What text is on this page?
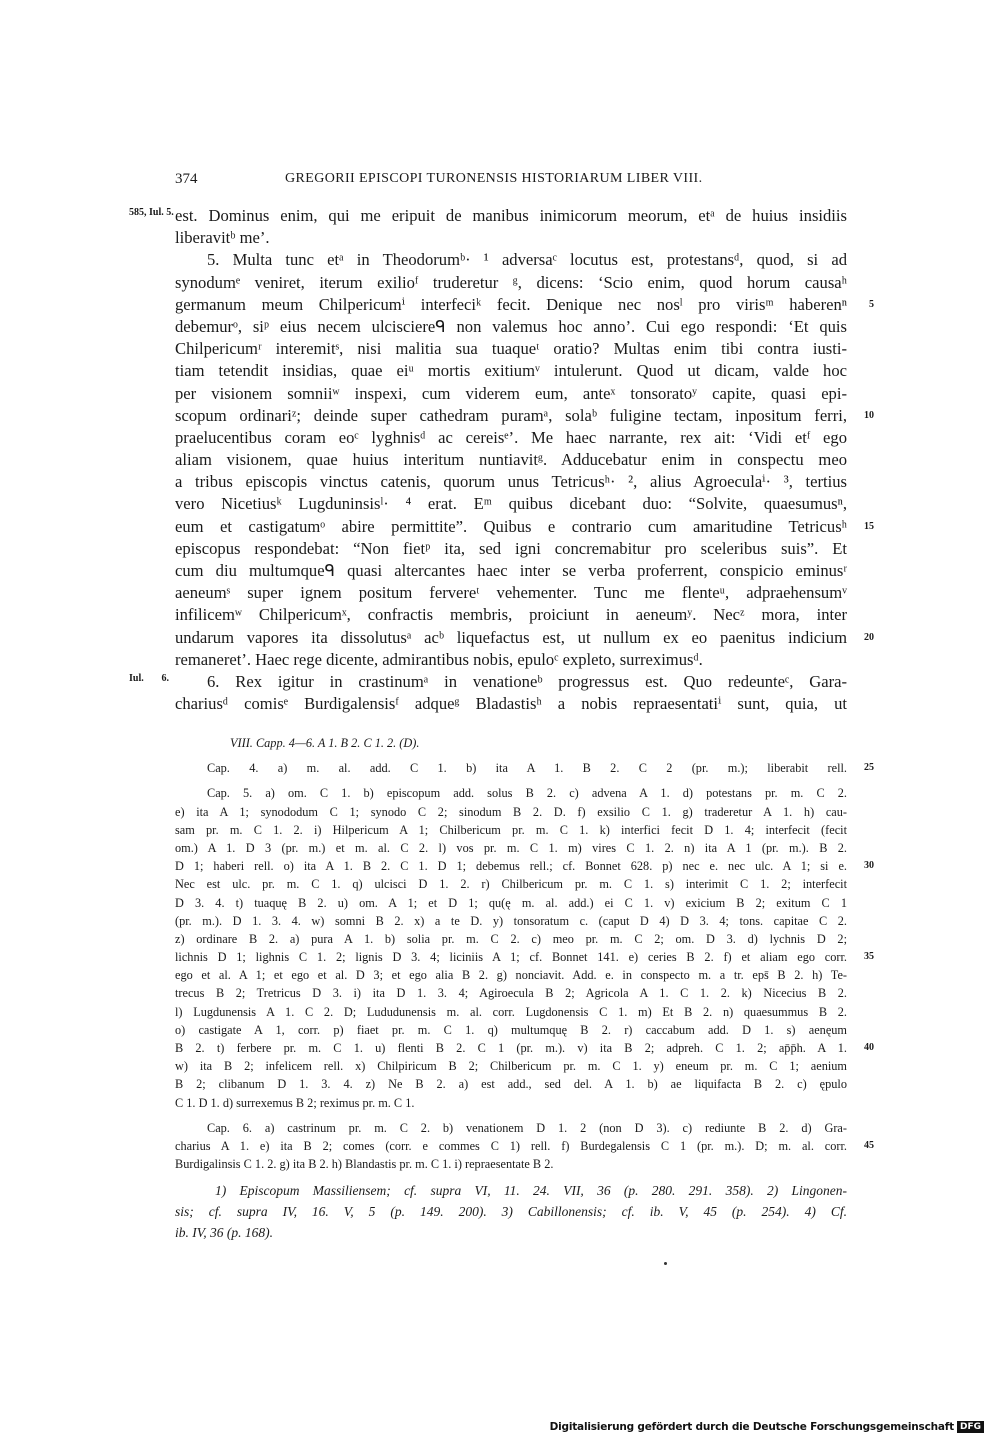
374	GREGORII EPISCOPI TURONENSIS HISTORIARUM LIBER VIII.
585, Iul. 5. est. Dominus enim, qui me eripuit de manibus inimicorum meorum, etᵃ de huius insidiis
liberavitᵇ me’.
5. Multa tunc etᵃ in Theodorumᵇ· ¹ adversaᶜ locutus est, protestansᵈ, quod, si ad
synodumᵉ veniret, iterum exilioᶠ truderetur ᵍ, dicens: ‘Scio enim, quod horum causaʰ
germanum meum Chilpericumⁱ interfeciᵏ fecit. Denique nec nosˡ pro virisᵐ haberenⁿ 5
debemurᵒ, siᵖ eius necem ulcisciereᑫ non valemus hoc anno’. Cui ego respondi: ‘Et quis
Chilpericumʳ interemitˢ, nisi malitia sua tuaqueᵗ oratio? Multas enim tibi contra iusti-
tiam tetendit insidias, quae eiᵘ mortis exitiumᵛ intulerunt. Quod ut dicam, valde hoc
per visionem somniiʷ inspexi, cum viderem eum, anteˣ tonsoratoʸ capite, quasi epi-
scopum ordinariᶻ; deinde super cathedram puramᵃ, solaᵇ fuligine tectam, inpositum ferri, 10
praelucentibus coram eoᶜ lyghnisᵈ ac cereisᵉ’. Me haec narrante, rex ait: ‘Vidi etᶠ ego
aliam visionem, quae huius interitum nuntiavitᵍ. Adducebatur enim in conspectu meo
a tribus episcopis vinctus catenis, quorum unus Tetricusʰ· ², alius Agroeculaⁱ· ³, tertius
vero Nicetiusᵏ Lugduninsisˡ· ⁴ erat. Eᵐ quibus dicebant duo: “Solvite, quaesumusⁿ,
eum et castigatumᵒ abire permittite”. Quibus e contrario cum amaritudine Tetricusʰ 15
episcopus respondebat: “Non fietᵖ ita, sed igni concremabitur pro sceleribus suis”. Et
cum diu multumqueᑫ quasi altercantes haec inter se verba proferrent, conspicio eminusʳ
aeneumˢ super ignem positum fervereᵗ vehementer. Tunc me flenteᵘ, adpraehensumᵛ
infilicemʷ Chilpericumˣ, confractis membris, proiciunt in aeneumʸ. Necᶻ mora, inter
undarum vapores ita dissolutusᵃ acᵇ liquefactus est, ut nullum ex eo paenitus indicium 20
remaneret’. Haec rege dicente, admirantibus nobis, epuloᶜ expleto, surreximusᵈ.
Iul. 6. 6. Rex igitur in crastinumᵃ in venationeᵇ progressus est. Quo redeunteᶜ, Gara-
chariusᵈ comisᵉ Burdigalensisᶠ adqueᵍ Bladastisʰ a nobis repraesentatiⁱ sunt, quia, ut
VIII. Capp. 4—6. A 1. B 2. C 1. 2. (D).
Cap. 4. a) m. al. add. C 1. b) ita A 1. B 2. C 2 (pr. m.); liberabit rell. 25
Cap. 5. a) om. C 1. b) episcopum add. solus B 2. c) advena A 1. d) potestans pr. m. C 2.
e) ita A 1; synododum C 1; synodo C 2; sinodum B 2. D. f) exsilio C 1. g) traderetur A 1. h) cau-
sam pr. m. C 1. 2. i) Hilpericum A 1; Chilbericum pr. m. C 1. k) interfici fecit D 1. 4; interfecit (fecit
om.) A 1. D 3 (pr. m.) et m. al. C 2. l) vos pr. m. C 1. m) vires C 1. 2. n) ita A 1 (pr. m.). B 2.
D 1; haberi rell. o) ita A 1. B 2. C 1. D 1; debemus rell.; cf. Bonnet 628. p) nec e. nec ulc. A 1; si e. 30
Nec est ulc. pr. m. C 1. q) ulcisci D 1. 2. r) Chilbericum pr. m. C 1. s) interimit C 1. 2; interfecit
D 3. 4. t) tuaquę B 2. u) om. A 1; et D 1; qu(ę m. al. add.) ei C 1. v) exicium B 2; exitum C 1
(pr. m.). D 1. 3. 4. w) somni B 2. x) a te D. y) tonsoratum c. (caput D 4) D 3. 4; tons. capitae C 2.
z) ordinare B 2. a) pura A 1. b) solia pr. m. C 2. c) meo pr. m. C 2; om. D 3. d) lychnis D 2;
lichnis D 1; lighnis C 1. 2; lignis D 3. 4; liciniis A 1; cf. Bonnet 141. e) ceries B 2. f) et aliam ego corr. 35
ego et al. A 1; et ego et al. D 3; et ego alia B 2. g) nonciavit. Add. e. in conspecto m. a tr. eps̄ B 2. h) Te-
trecus B 2; Tretricus D 3. i) ita D 1. 3. 4; Agiroecula B 2; Agricola A 1. C 1. 2. k) Nicecius B 2.
l) Lugdunensis A 1. C 2. D; Lududunensis m. al. corr. Lugdonensis C 1. m) Et B 2. n) quaesummus B 2.
o) castigate A 1, corr. p) fiaet pr. m. C 1. q) multumquę B 2. r) caccabum add. D 1. s) aenęum
B 2. t) ferbere pr. m. C 1. u) flenti B 2. C 1 (pr. m.). v) ita B 2; adpreh. C 1. 2; ap̄p̄h. A 1. 40
w) ita B 2; infelicem rell. x) Chilpiricum B 2; Chilbericum pr. m. C 1. y) eneum pr. m. C 1; aenium
B 2; clibanum D 1. 3. 4. z) Ne B 2. a) est add., sed del. A 1. b) ae liquifacta B 2. c) ępulo
C 1. D 1. d) surrexemus B 2; reximus pr. m. C 1.
Cap. 6. a) castrinum pr. m. C 2. b) venationem D 1. 2 (non D 3). c) rediunte B 2. d) Gra-
charius A 1. e) ita B 2; comes (corr. e commes C 1) rell. f) Burdegalensis C 1 (pr. m.). D; m. al. corr. 45
Burdigalinsis C 1. 2. g) ita B 2. h) Blandastis pr. m. C 1. i) repraesentate B 2.
1) Episcopum Massiliensem; cf. supra VI, 11. 24. VII, 36 (p. 280. 291. 358). 2) Lingonen-
sis; cf. supra IV, 16. V, 5 (p. 149. 200). 3) Cabillonensis; cf. ib. V, 45 (p. 254). 4) Cf.
ib. IV, 36 (p. 168).
Digitalisierung gefördert durch die Deutsche Forschungsgemeinschaft DFG
